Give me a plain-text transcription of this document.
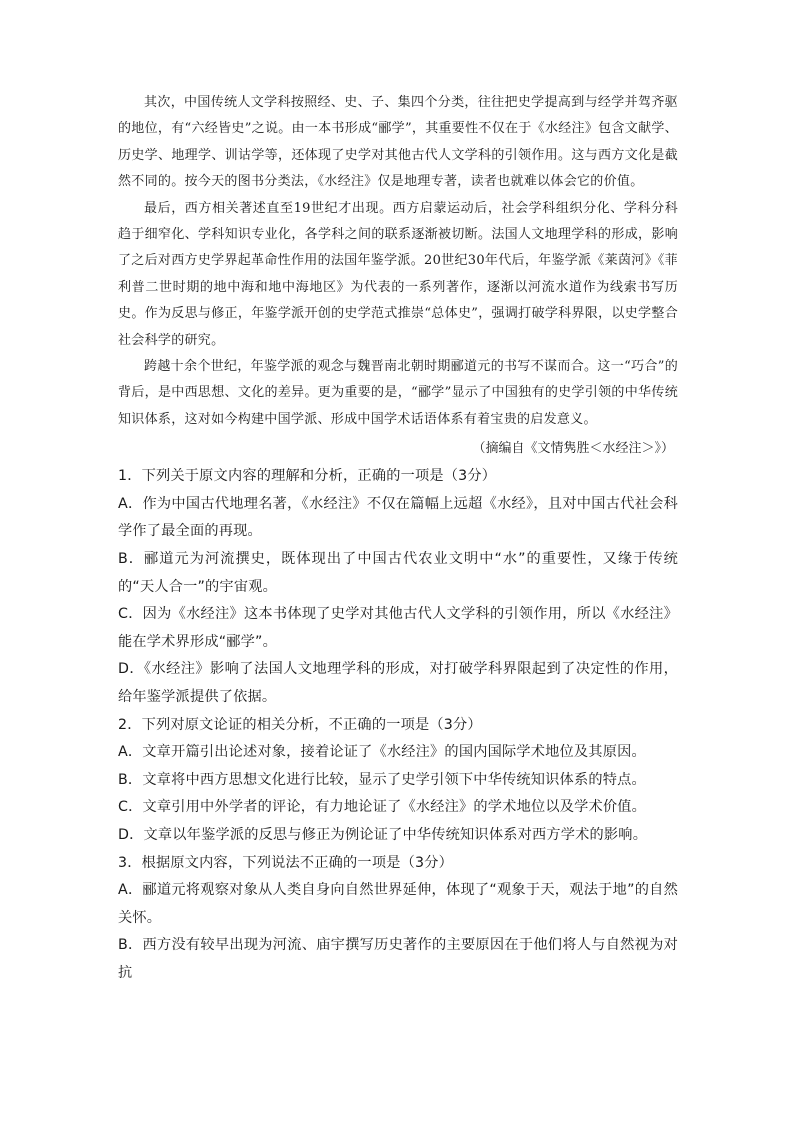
其次，中国传统人文学科按照经、史、子、集四个分类，往往把史学提高到与经学并驾齐驱的地位，有“六经皆史”之说。由一本书形成“郦学”，其重要性不仅在于《水经注》包含文献学、历史学、地理学、训诂学等，还体现了史学对其他古代人文学科的引领作用。这与西方文化是截然不同的。按今天的图书分类法，《水经注》仅是地理专著，读者也就难以体会它的价值。

最后，西方相关著述直至19世纪才出现。西方启蒙运动后，社会学科组织分化、学科分科趋于细窄化、学科知识专业化，各学科之间的联系逐渐被切断。法国人文地理学科的形成，影响了之后对西方史学界起革命性作用的法国年鉴学派。20世纪30年代后，年鉴学派《莱茵河》《菲利普二世时期的地中海和地中海地区》为代表的一系列著作，逐渐以河流水道作为线索书写历史。作为反思与修正，年鉴学派开创的史学范式推崇“总体史”，强调打破学科界限，以史学整合社会科学的研究。

跨越十余个世纪，年鉴学派的观念与魏晋南北朝时期郦道元的书写不谋而合。这一“巧合”的背后，是中西思想、文化的差异。更为重要的是，“郦学”显示了中国独有的史学引领的中华传统知识体系，这对如今构建中国学派、形成中国学术话语体系有着宝贵的启发意义。

（摘编自《文情隽胜＜水经注＞》）

1．下列关于原文内容的理解和分析，正确的一项是（3分）

A．作为中国古代地理名著，《水经注》不仅在篇幅上远超《水经》，且对中国古代社会科学作了最全面的再现。

B．郦道元为河流撰史，既体现出了中国古代农业文明中“水”的重要性，又缘于传统的“天人合一”的宇宙观。

C．因为《水经注》这本书体现了史学对其他古代人文学科的引领作用，所以《水经注》能在学术界形成“郦学”。

D．《水经注》影响了法国人文地理学科的形成，对打破学科界限起到了决定性的作用，给年鉴学派提供了依据。

2．下列对原文论证的相关分析，不正确的一项是（3分）

A．文章开篇引出论述对象，接着论证了《水经注》的国内国际学术地位及其原因。

B．文章将中西方思想文化进行比较，显示了史学引领下中华传统知识体系的特点。

C．文章引用中外学者的评论，有力地论证了《水经注》的学术地位以及学术价值。

D．文章以年鉴学派的反思与修正为例论证了中华传统知识体系对西方学术的影响。

3．根据原文内容，下列说法不正确的一项是（3分）

A．郦道元将观察对象从人类自身向自然世界延伸，体现了“观象于天，观法于地”的自然关怀。

B．西方没有较早出现为河流、庙宇撰写历史著作的主要原因在于他们将人与自然视为对抗
